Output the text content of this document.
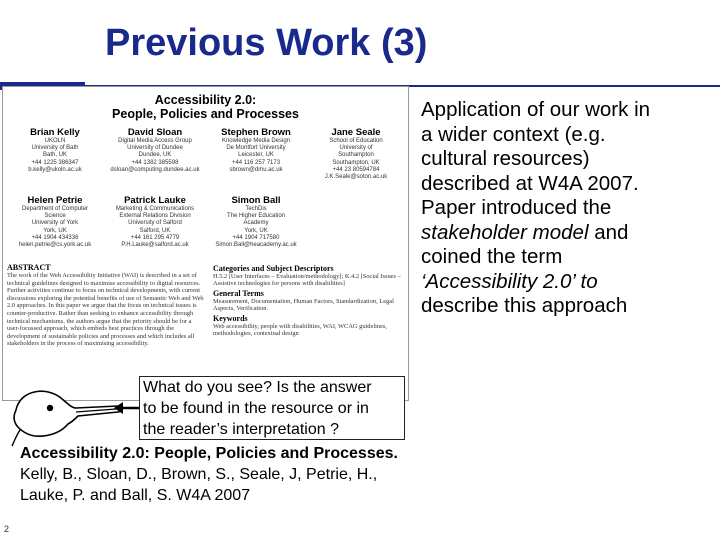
Previous Work (3)
Accessibility 2.0:
People, Policies and Processes
Brian Kelly
UKOLN
University of Bath
Bath, UK
+44 1225 386347
b.kelly@ukoln.ac.uk
David Sloan
Digital Media Access Group
University of Dundee
Dundee, UK
+44 1382 385598
dsloan@computing.dundee.ac.uk
Stephen Brown
Knowledge Media Design
De Montfort University
Leicester, UK
+44 116 257 7173
sbrown@dmu.ac.uk
Jane Seale
School of Education
University of
Southampton
Southampton, UK
+44 23 80594784
J.K.Seale@soton.ac.uk
Helen Petrie
Department of Computer
Science
University of York
York, UK
+44 1904 434336
helen.petrie@cs.york.ac.uk
Patrick Lauke
Marketing & Communications
External Relations Division
University of Salford
Salford, UK
+44 161 295 4779
P.H.Lauke@salford.ac.uk
Simon Ball
TechDis
The Higher Education
Academy
York, UK
+44 1904 717580
Simon.Ball@heacademy.ac.uk
ABSTRACT
The work of the Web Accessibility Initiative (WAI) is described in a set of technical guidelines designed to maximise accessibility to digital resources. Further activities continue to focus on technical developments, with current discussions exploring the potential benefits of use of Semantic Web and Web 2.0 approaches. In this paper we argue that the focus on technical issues is counter-productive. Rather than seeking to enhance accessibility through technical mechanisms, the authors argue that the priority should be for a user-focussed approach, which embeds best practices through the development of sustainable policies and processes and which includes all stakeholders in the process of maximising accessibility.
Categories and Subject Descriptors
H.5.2 [User Interfaces – Evaluation/methodology]; K.4.2 [Social Issues – Assistive technologies for persons with disabilities]
General Terms
Measurement, Documentation, Human Factors, Standardization, Legal Aspects, Verification.
Keywords
Web accessibility, people with disabilities, WAI, WCAG guidelines, methodologies, contextual design
Application of our work in
a wider context (e.g.
cultural resources)
described at W4A 2007.
Paper introduced the
stakeholder model and
coined the term
‘Accessibility 2.0’ to
describe this approach
What do you see? Is the answer
to be found in the resource or in
the reader’s interpretation ?
Accessibility 2.0: People, Policies and Processes.
Kelly, B., Sloan, D., Brown, S., Seale, J, Petrie, H.,
Lauke, P. and Ball, S. W4A 2007
2
